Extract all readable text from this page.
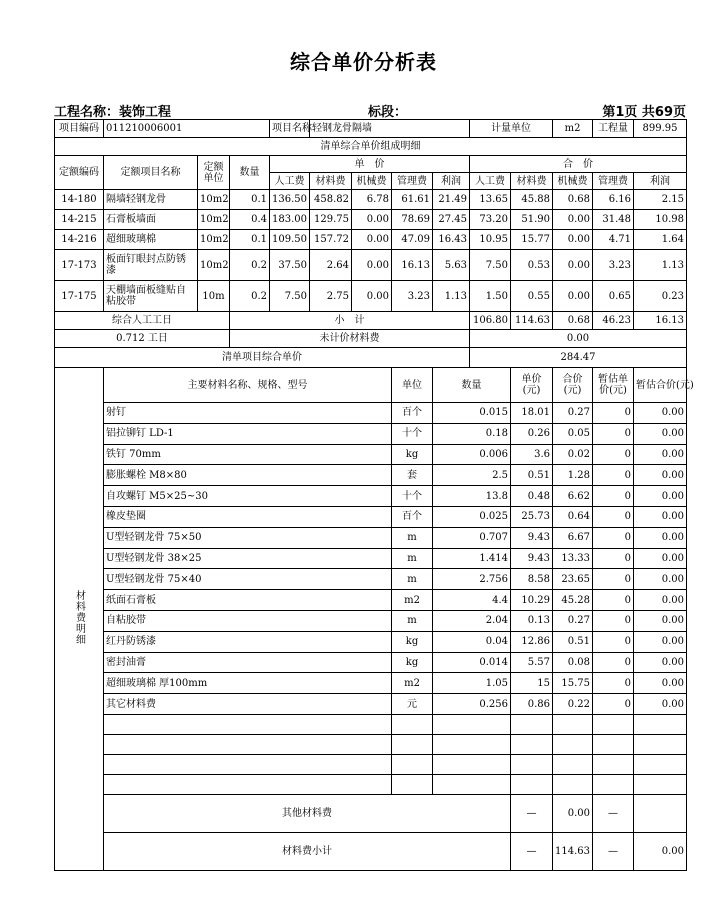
综合单价分析表
工程名称：装饰工程	标段：	第1页 共69页
项目编码	011210006001			项目名称	轻钢龙骨隔墙				计量单位		m2	工程量	899.95
清单综合单价组成明细													
定额编码	定额项目名称	定额单位	数量	单　价					合　价				
				人工费	材料费	机械费	管理费	利润	人工费	材料费	机械费	管理费	利润
14-180	隔墙轻钢龙骨	10m2	0.1	136.50	458.82	6.78	61.61	21.49	13.65	45.88	0.68	6.16	2.15
14-215	石膏板墙面	10m2	0.4	183.00	129.75	0.00	78.69	27.45	73.20	51.90	0.00	31.48	10.98
14-216	超细玻璃棉	10m2	0.1	109.50	157.72	0.00	47.09	16.43	10.95	15.77	0.00	4.71	1.64
17-173	板面钉眼封点防锈漆	10m2	0.2	37.50	2.64	0.00	16.13	5.63	7.50	0.53	0.00	3.23	1.13
17-175	天棚墙面板缝贴自粘胶带	10m	0.2	7.50	2.75	0.00	3.23	1.13	1.50	0.55	0.00	0.65	0.23
综合人工工日			小　计						106.80	114.63	0.68	46.23	16.13
0.712 工日			未计价材料费						0.00				
清单项目综合单价									284.47				
材料费明细	主要材料名称、规格、型号						单位	数量		单价(元)	合价(元)	暂估单价(元)	暂估合价(元)
	射钉						百个	0.015		18.01	0.27	0	0.00
	铝拉铆钉 LD-1						十个	0.18		0.26	0.05	0	0.00
	铁钉 70mm						kg	0.006		3.6	0.02	0	0.00
	膨胀螺栓 M8×80						套	2.5		0.51	1.28	0	0.00
	自攻螺钉 M5×25~30						十个	13.8		0.48	6.62	0	0.00
	橡皮垫圈						百个	0.025		25.73	0.64	0	0.00
	U型轻钢龙骨 75×50						m	0.707		9.43	6.67	0	0.00
	U型轻钢龙骨 38×25						m	1.414		9.43	13.33	0	0.00
	U型轻钢龙骨 75×40						m	2.756		8.58	23.65	0	0.00
	纸面石膏板						m2	4.4		10.29	45.28	0	0.00
	自粘胶带						m	2.04		0.13	0.27	0	0.00
	红丹防锈漆						kg	0.04		12.86	0.51	0	0.00
	密封油膏						kg	0.014		5.57	0.08	0	0.00
	超细玻璃棉 厚100mm						m2	1.05		15	15.75	0	0.00
	其它材料费						元	0.256		0.86	0.22	0	0.00

	其他材料费									—	0.00	—	
	材料费小计									—	114.63	—	0.00
